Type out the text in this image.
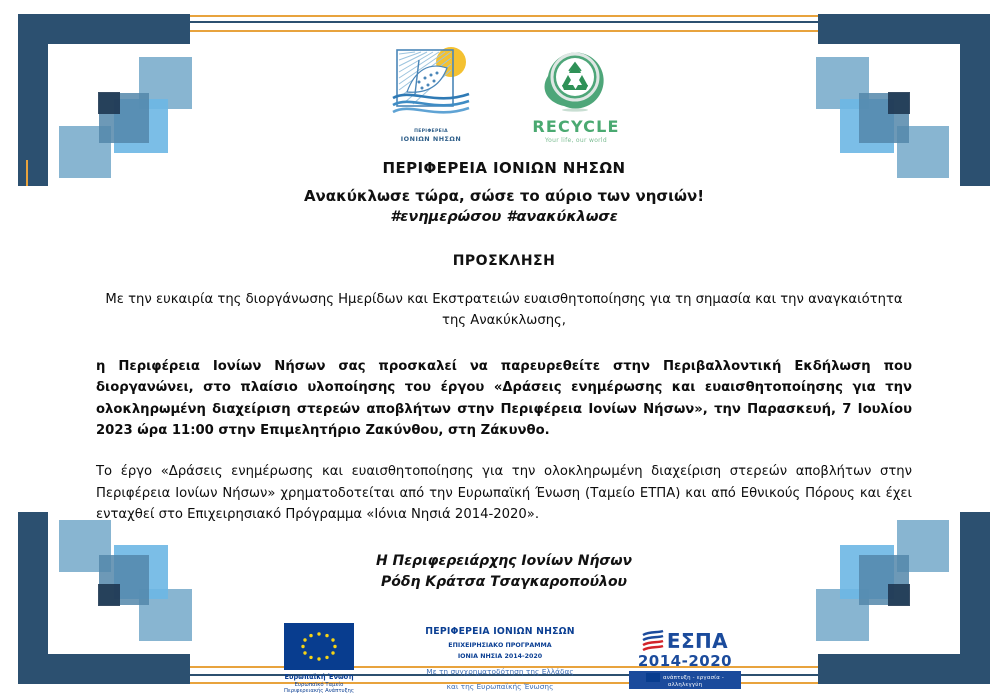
ΠΕΡΙΦΕΡΕΙΑ
ΙΟΝΙΩΝ ΝΗΣΩΝ
RECYCLE
Your life, our world
ΠΕΡΙΦΕΡΕΙΑ ΙΟΝΙΩΝ ΝΗΣΩΝ
Ανακύκλωσε τώρα, σώσε το αύριο των νησιών!
#ενημερώσου #ανακύκλωσε
ΠΡΟΣΚΛΗΣΗ
Με την ευκαιρία της διοργάνωσης Ημερίδων και Εκστρατειών ευαισθητοποίησης για τη σημασία και την αναγκαιότητα της Ανακύκλωσης,
η Περιφέρεια Ιονίων Νήσων σας προσκαλεί να παρευρεθείτε στην Περιβαλλοντική Εκδήλωση που διοργανώνει, στο πλαίσιο υλοποίησης του έργου «Δράσεις ενημέρωσης και ευαισθητοποίησης για την ολοκληρωμένη διαχείριση στερεών αποβλήτων στην Περιφέρεια Ιονίων Νήσων», την Παρασκευή, 7 Ιουλίου 2023 ώρα 11:00 στην Επιμελητήριο Ζακύνθου, στη Ζάκυνθο.
Το έργο «Δράσεις ενημέρωσης και ευαισθητοποίησης για την ολοκληρωμένη διαχείριση στερεών αποβλήτων στην Περιφέρεια Ιονίων Νήσων» χρηματοδοτείται από την Ευρωπαϊκή Ένωση (Ταμείο ΕΤΠΑ) και από Εθνικούς Πόρους και έχει ενταχθεί στο Επιχειρησιακό Πρόγραμμα «Ιόνια Νησιά 2014-2020».
Η Περιφερειάρχης Ιονίων Νήσων
Ρόδη Κράτσα Τσαγκαροπούλου
Ευρωπαϊκή Ένωση
Ευρωπαϊκό Ταμείο
Περιφερειακής Ανάπτυξης
ΠΕΡΙΦΕΡΕΙΑ ΙΟΝΙΩΝ ΝΗΣΩΝ
ΕΠΙΧΕΙΡΗΣΙΑΚΟ ΠΡΟΓΡΑΜΜΑ
ΙΟΝΙΑ ΝΗΣΙΑ 2014-2020
Με τη συγχρηματοδότηση της Ελλάδας
και της Ευρωπαϊκής Ένωσης
ΕΣΠΑ
2014-2020
ανάπτυξη - εργασία - αλληλεγγύη
